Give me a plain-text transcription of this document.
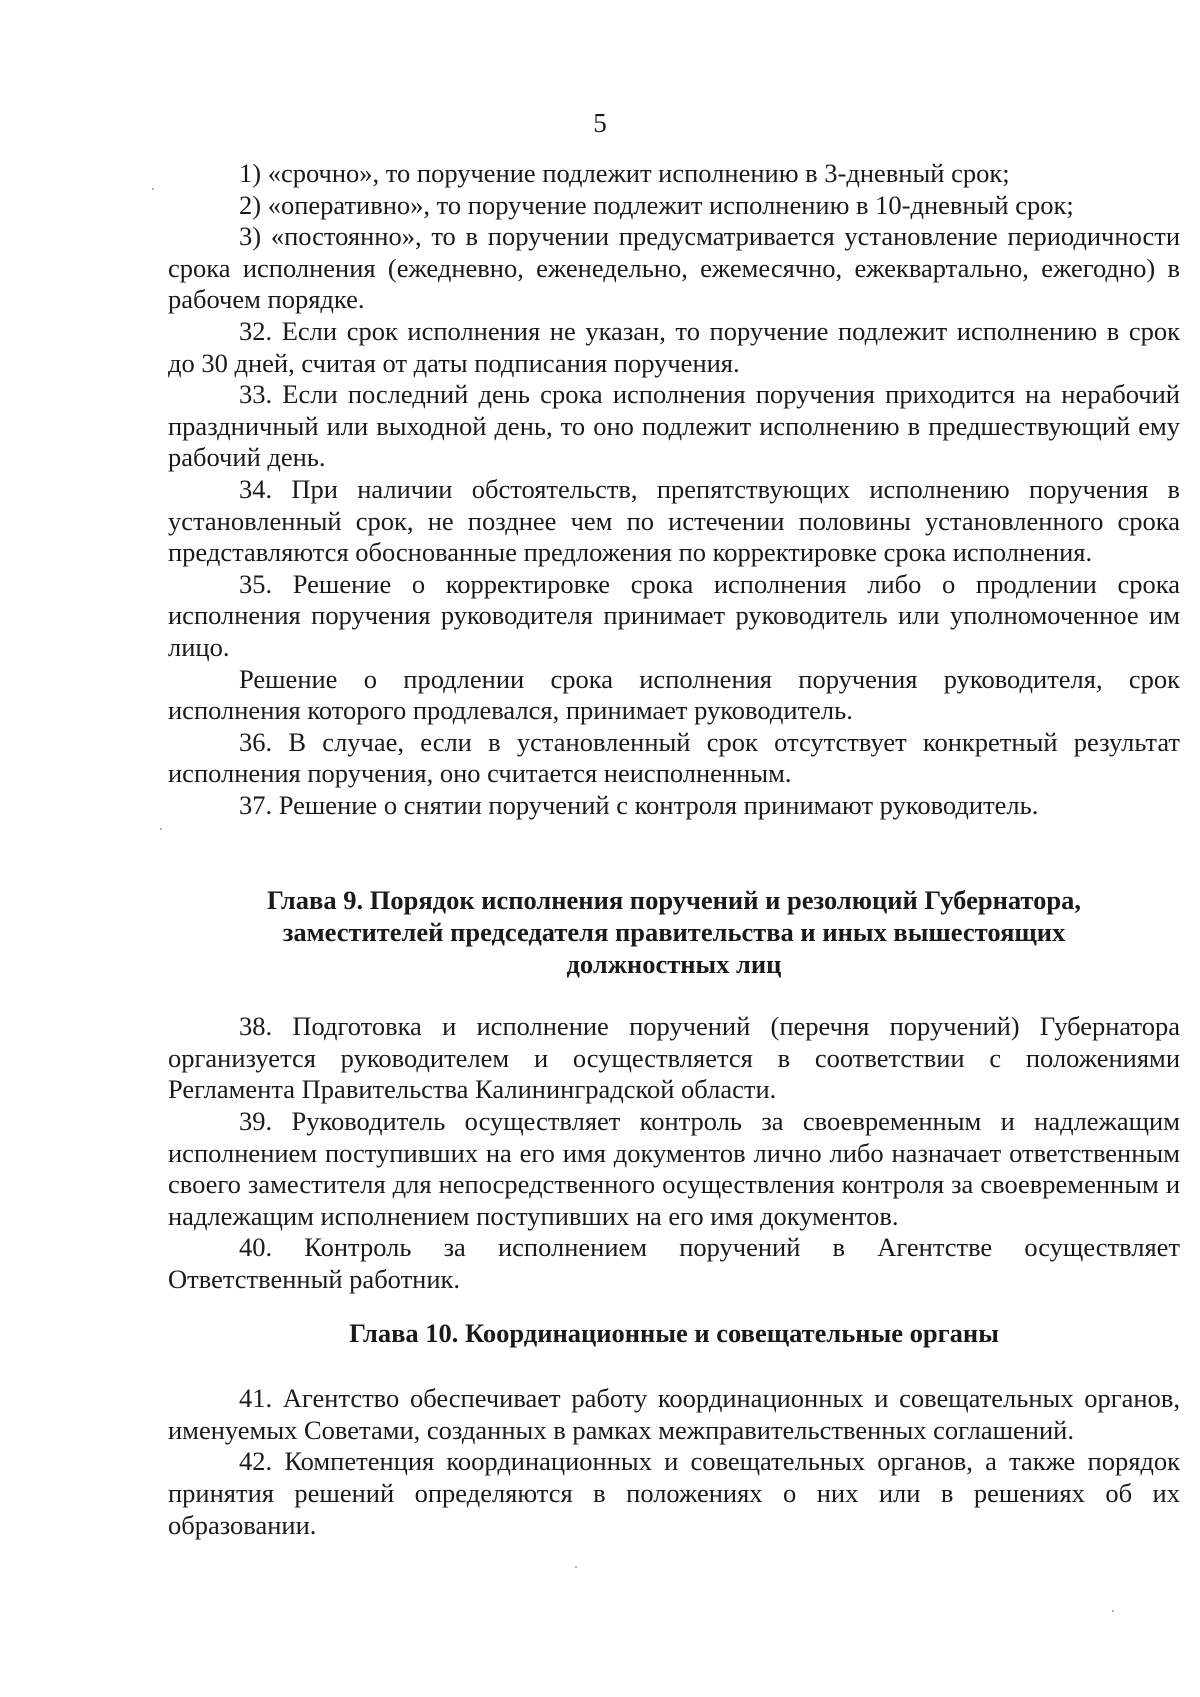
5

1) «срочно», то поручение подлежит исполнению в 3-дневный срок;

2) «оперативно», то поручение подлежит исполнению в 10-дневный срок;

3) «постоянно», то в поручении предусматривается установление периодичности срока исполнения (ежедневно, еженедельно, ежемесячно, ежеквартально, ежегодно) в рабочем порядке.

32. Если срок исполнения не указан, то поручение подлежит исполнению в срок до 30 дней, считая от даты подписания поручения.

33. Если последний день срока исполнения поручения приходится на нерабочий праздничный или выходной день, то оно подлежит исполнению в предшествующий ему рабочий день.

34. При наличии обстоятельств, препятствующих исполнению поручения в установленный срок, не позднее чем по истечении половины установленного срока представляются обоснованные предложения по корректировке срока исполнения.

35. Решение о корректировке срока исполнения либо о продлении срока исполнения поручения руководителя принимает руководитель или уполномоченное им лицо.

Решение о продлении срока исполнения поручения руководителя, срок исполнения которого продлевался, принимает руководитель.

36. В случае, если в установленный срок отсутствует конкретный результат исполнения поручения, оно считается неисполненным.

37. Решение о снятии поручений с контроля принимают руководитель.

Глава 9. Порядок исполнения поручений и резолюций Губернатора,
заместителей председателя правительства и иных вышестоящих
должностных лиц

38. Подготовка и исполнение поручений (перечня поручений) Губернатора организуется руководителем и осуществляется в соответствии с положениями Регламента Правительства Калининградской области.

39. Руководитель осуществляет контроль за своевременным и надлежащим исполнением поступивших на его имя документов лично либо назначает ответственным своего заместителя для непосредственного осуществления контроля за своевременным и надлежащим исполнением поступивших на его имя документов.

40. Контроль за исполнением поручений в Агентстве осуществляет Ответственный работник.

Глава 10. Координационные и совещательные органы

41. Агентство обеспечивает работу координационных и совещательных органов, именуемых Советами, созданных в рамках межправительственных соглашений.

42. Компетенция координационных и совещательных органов, а также порядок принятия решений определяются в положениях о них или в решениях об их образовании.
